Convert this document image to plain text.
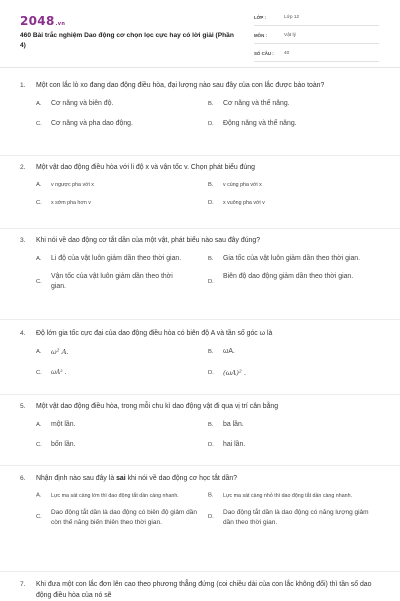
2048.vn
460 Bài trắc nghiệm Dao động cơ chọn lọc cực hay có lời giải (Phần 4)
LỚP :	Lớp 12
MÔN :	Vật lý
SỐ CÂU : 40
1. Một con lắc lò xo đang dao động điều hòa, đại lượng nào sau đây của con lắc được bảo toàn?
A. Cơ năng và biên độ.	B. Cơ năng và thế năng.
C. Cơ năng và pha dao động.	D. Động năng và thế năng.
2. Một vật dao động điều hòa với li độ x và vận tốc v. Chọn phát biểu đúng
A. v ngược pha với x	B. v cùng pha với x
C. x sớm pha hơn v	D. x vuông pha với v
3. Khi nói về dao động cơ tắt dần của một vật, phát biểu nào sau đây đúng?
A. Li độ của vật luôn giảm dần theo thời gian.	B. Gia tốc của vật luôn giảm dần theo thời gian.
C.
Vận tốc của vật luôn giảm dần theo thời gian.
D.
Biên độ dao động giảm dần theo thời gian.
4. Độ lớn gia tốc cực đại của dao động điều hòa có biên độ A và tần số góc ω là
A. ω² A.	B. ωA.
C. ωA² .	D. (ωA)² .
5. Một vật dao động điều hòa, trong mỗi chu kì dao động vật đi qua vị trí cân bằng
A. một lần.	B. ba lần.
C. bốn lần.	D. hai lần.
6. Nhận định nào sau đây là sai khi nói về dao động cơ học tắt dần?
A. Lực ma sát càng lớn thì dao động tắt dần càng nhanh.	B. Lực ma sát càng nhỏ thì dao động tắt dần càng nhanh.
C.
Dao động tắt dần là dao động có biên độ giảm dần còn thế năng biến thiên theo thời gian.
D.
Dao động tắt dần là dao động có năng lượng giảm dần theo thời gian.
7. Khi đưa một con lắc đơn lên cao theo phương thẳng đứng (coi chiều dài của con lắc không đổi) thì tần số dao động điều hòa của nó sẽ
